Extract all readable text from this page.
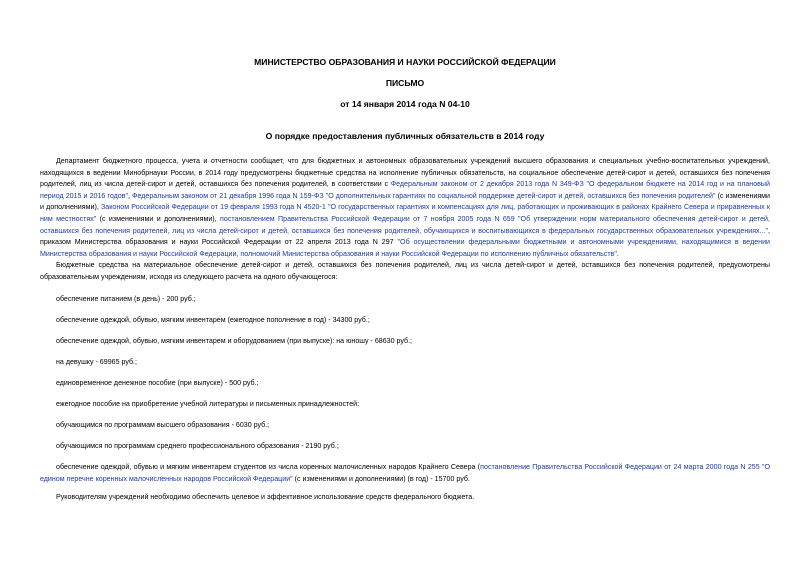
МИНИСТЕРСТВО ОБРАЗОВАНИЯ И НАУКИ РОССИЙСКОЙ ФЕДЕРАЦИИ
ПИСЬМО
от 14 января 2014 года N 04-10
О порядке предоставления публичных обязательств в 2014 году
Департамент бюджетного процесса, учета и отчетности сообщает, что для бюджетных и автономных образовательных учреждений высшего образования и специальных учебно-воспитательных учреждений, находящихся в ведении Минобрнауки России, в 2014 году предусмотрены бюджетные средства на исполнение публичных обязательств, на социальное обеспечение детей-сирот и детей, оставшихся без попечения родителей, лиц из числа детей-сирот и детей, оставшихся без попечения родителей, в соответствии с Федеральным законом от 2 декабря 2013 года N 349-ФЗ "О федеральном бюджете на 2014 год и на плановый период 2015 и 2016 годов", Федеральным законом от 21 декабря 1996 года N 159-ФЗ "О дополнительных гарантиях по социальной поддержке детей-сирот и детей, оставшихся без попечения родителей" (с изменениями и дополнениями), Законом Российской Федерации от 19 февраля 1993 года N 4520-1 "О государственных гарантиях и компенсациях для лиц, работающих и проживающих в районах Крайнего Севера и приравненных к ним местностях" (с изменениями и дополнениями), постановлением Правительства Российской Федерации от 7 ноября 2005 года N 659 "Об утверждении норм материального обеспечения детей-сирот и детей, оставшихся без попечения родителей, лиц из числа детей-сирот и детей, оставшихся без попечения родителей, обучающихся и воспитывающихся в федеральных государственных образовательных учреждениях...", приказом Министерства образования и науки Российской Федерации от 22 апреля 2013 года N 297 "Об осуществлении федеральными бюджетными и автономными учреждениями, находящимися в ведении Министерства образования и науки Российской Федерации, полномочий Министерства образования и науки Российской Федерации по исполнению публичных обязательств".
Бюджетные средства на материальное обеспечение детей-сирот и детей, оставшихся без попечения родителей, лиц из числа детей-сирот и детей, оставшихся без попечения родителей, предусмотрены образовательным учреждениям, исходя из следующего расчета на одного обучающегося:
обеспечение питанием (в день) - 200 руб.;
обеспечение одеждой, обувью, мягким инвентарем (ежегодное пополнение в год) - 34300 руб.;
обеспечение одеждой, обувью, мягким инвентарем и оборудованием (при выпуске): на юношу - 68630 руб.;
на девушку - 69965 руб.;
единовременное денежное пособие (при выпуске) - 500 руб.;
ежегодное пособие на приобретение учебной литературы и письменных принадлежностей:
обучающимся по программам высшего образования - 6030 руб.;
обучающимся по программам среднего профессионального образования - 2190 руб.;
обеспечение одеждой, обувью и мягким инвентарем студентов из числа коренных малочисленных народов Крайнего Севера (постановление Правительства Российской Федерации от 24 марта 2000 года N 255 "О едином перечне коренных малочисленных народов Российской Федерации" (с изменениями и дополнениями) (в год) - 15700 руб.
Руководителям учреждений необходимо обеспечить целевое и эффективное использование средств федерального бюджета.
